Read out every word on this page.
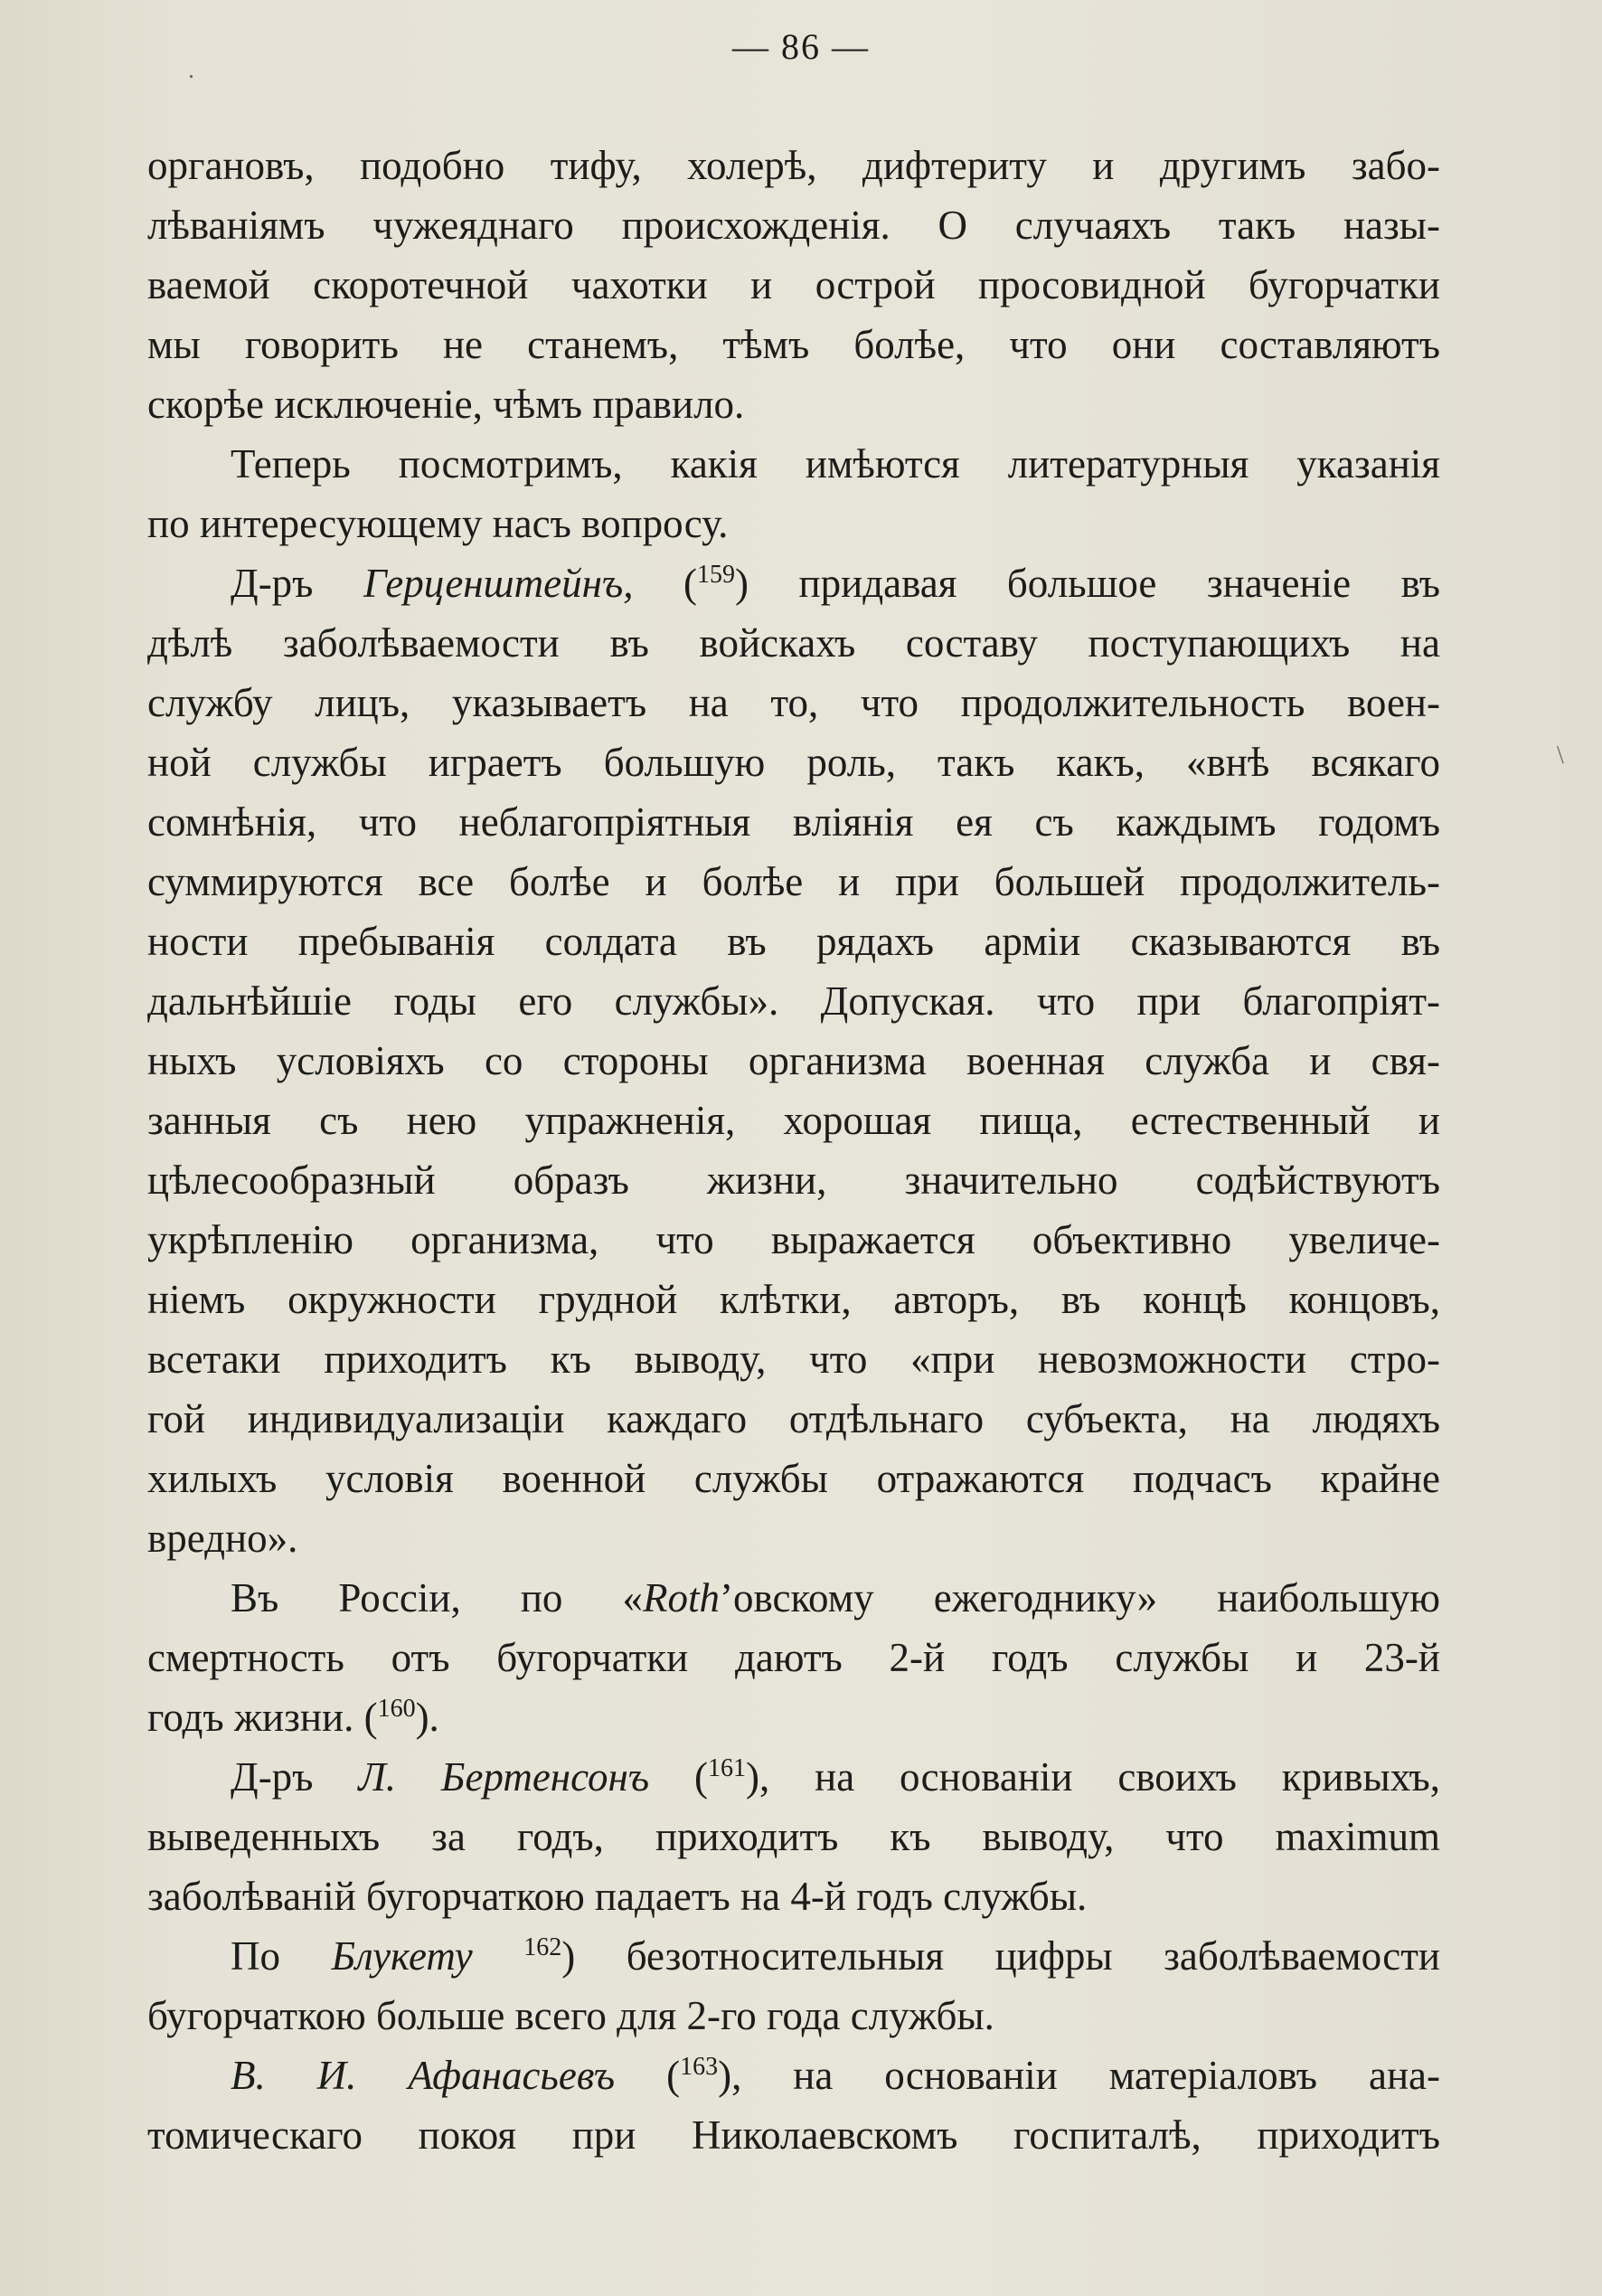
.
\
— 86 —
органовъ, подобно тифу, холерѣ, дифтериту и другимъ забо-
лѣваніямъ чужеяднаго происхожденія. О случаяхъ такъ назы-
ваемой скоротечной чахотки и острой просовидной бугорчатки
мы говорить не станемъ, тѣмъ болѣе, что они составляютъ
скорѣе исключеніе, чѣмъ правило.
Теперь посмотримъ, какія имѣются литературныя указанія
по интересующему насъ вопросу.
Д-ръ Герценштейнъ, ($^{159}$) придавая большое значеніе въ
дѣлѣ заболѣваемости въ войскахъ составу поступающихъ на
службу лицъ, указываетъ на то, что продолжительность воен-
ной службы играетъ большую роль, такъ какъ, «внѣ всякаго
сомнѣнія, что неблагопріятныя вліянія ея съ каждымъ годомъ
суммируются все болѣе и болѣе и при большей продолжитель-
ности пребыванія солдата въ рядахъ арміи сказываются въ
дальнѣйшіе годы его службы». Допуская. что при благопріят-
ныхъ условіяхъ со стороны организма военная служба и свя-
занныя съ нею упражненія, хорошая пища, естественный и
цѣлесообразный образъ жизни, значительно содѣйствуютъ
укрѣпленію организма, что выражается объективно увеличе-
ніемъ окружности грудной клѣтки, авторъ, въ концѣ концовъ,
всетаки приходитъ къ выводу, что «при невозможности стро-
гой индивидуализаціи каждаго отдѣльнаго субъекта, на людяхъ
хилыхъ условія военной службы отражаются подчасъ крайне
вредно».
Въ Россіи, по «Roth’овскому ежегоднику» наибольшую
смертность отъ бугорчатки даютъ 2-й годъ службы и 23-й
годъ жизни. ($^{160}$).
Д-ръ Л. Бертенсонъ ($^{161}$), на основаніи своихъ кривыхъ,
выведенныхъ за годъ, приходитъ къ выводу, что maximum
заболѣваній бугорчаткою падаетъ на 4-й годъ службы.
По Блукету $^{162}$) безотносительныя цифры заболѣваемости
бугорчаткою больше всего для 2-го года службы.
В. И. Афанасьевъ ($^{163}$), на основаніи матеріаловъ ана-
томическаго покоя при Николаевскомъ госпиталѣ, приходитъ
